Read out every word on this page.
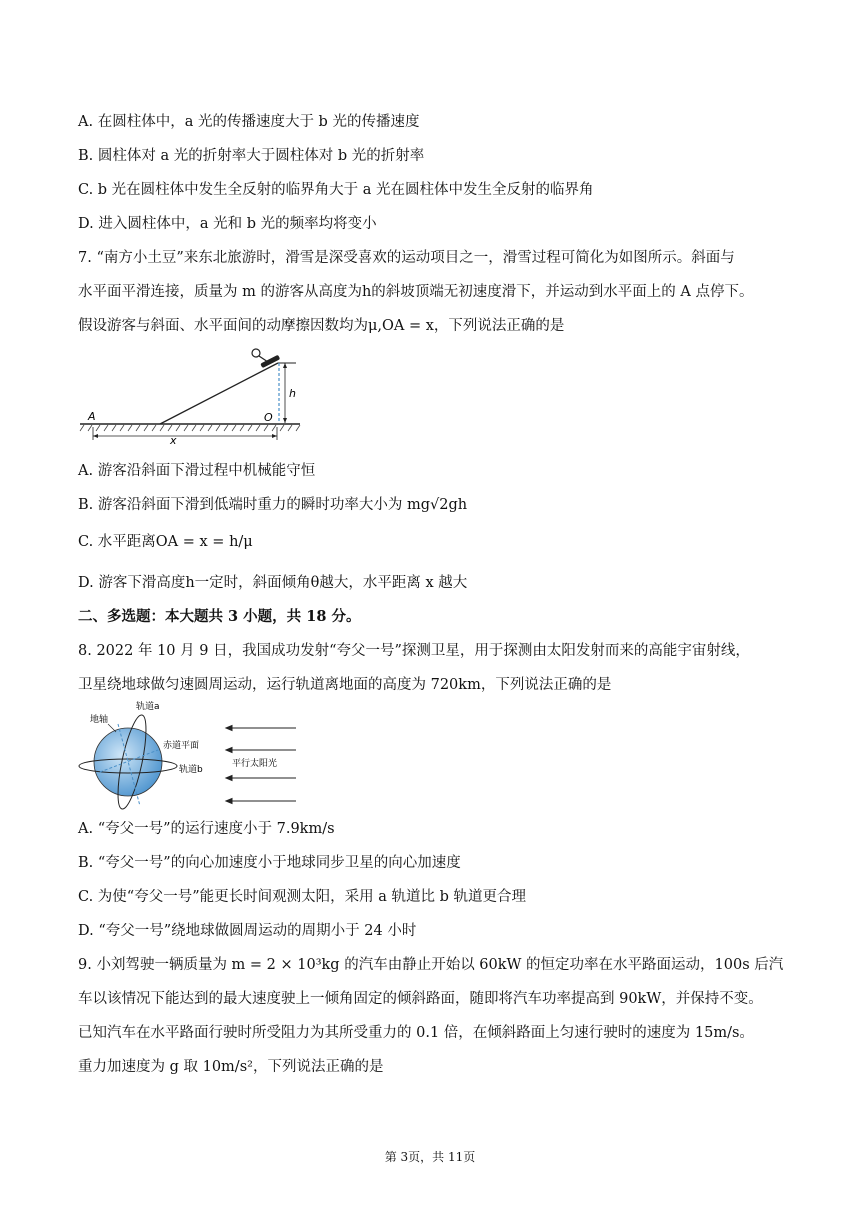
A. 在圆柱体中，a 光的传播速度大于 b 光的传播速度
B. 圆柱体对 a 光的折射率大于圆柱体对 b 光的折射率
C. b 光在圆柱体中发生全反射的临界角大于 a 光在圆柱体中发生全反射的临界角
D. 进入圆柱体中，a 光和 b 光的频率均将变小
7. “南方小土豆”来东北旅游时，滑雪是深受喜欢的运动项目之一，滑雪过程可简化为如图所示。斜面与
水平面平滑连接，质量为 m 的游客从高度为h的斜坡顶端无初速度滑下，并运动到水平面上的 A 点停下。
假设游客与斜面、水平面间的动摩擦因数均为μ,OA = x，下列说法正确的是
h
A	O
x
A. 游客沿斜面下滑过程中机械能守恒
B. 游客沿斜面下滑到低端时重力的瞬时功率大小为 mg√2gh
C. 水平距离OA = x = h/μ
D. 游客下滑高度h一定时，斜面倾角θ越大，水平距离 x 越大
二、多选题：本大题共 3 小题，共 18 分。
8. 2022 年 10 月 9 日，我国成功发射“夸父一号”探测卫星，用于探测由太阳发射而来的高能宇宙射线，
卫星绕地球做匀速圆周运动，运行轨道离地面的高度为 720km，下列说法正确的是
地轴
轨道a
赤道平面
轨道b
平行太阳光
A. “夸父一号”的运行速度小于 7.9km/s
B. “夸父一号”的向心加速度小于地球同步卫星的向心加速度
C. 为使“夸父一号”能更长时间观测太阳，采用 a 轨道比 b 轨道更合理
D. “夸父一号”绕地球做圆周运动的周期小于 24 小时
9. 小刘驾驶一辆质量为 m = 2 × 10³kg 的汽车由静止开始以 60kW 的恒定功率在水平路面运动，100s 后汽
车以该情况下能达到的最大速度驶上一倾角固定的倾斜路面，随即将汽车功率提高到 90kW，并保持不变。
已知汽车在水平路面行驶时所受阻力为其所受重力的 0.1 倍，在倾斜路面上匀速行驶时的速度为 15m/s。
重力加速度为 g 取 10m/s²，下列说法正确的是
第 3页，共 11页
